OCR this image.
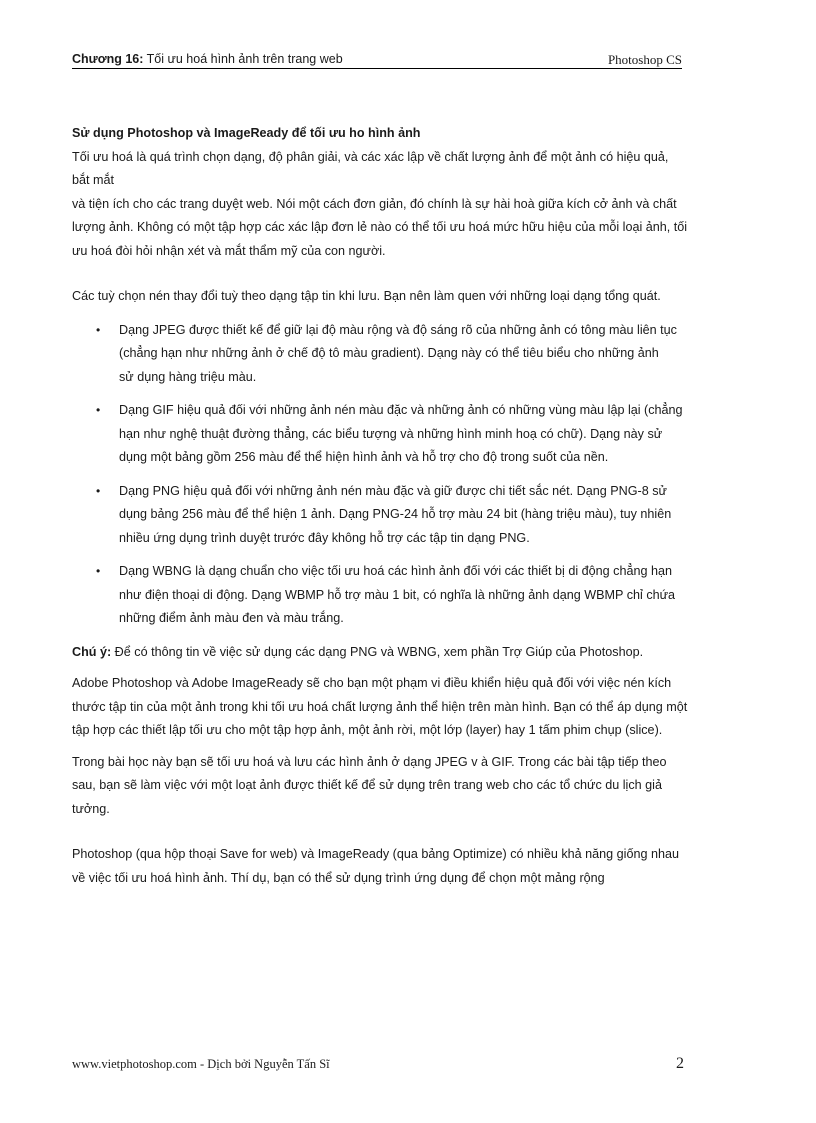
Chương 16: Tối ưu hoá hình ảnh trên trang web	Photoshop CS

Sử dụng Photoshop và ImageReady để tối ưu ho hình ảnh

Tối ưu hoá là quá trình chọn dạng, độ phân giải, và các xác lập về chất lượng ảnh để một ảnh có hiệu quả, bắt mắt

và tiện ích cho các trang duyệt web. Nói một cách đơn giản, đó chính là sự hài hoà giữa kích cở ảnh và chất lượng ảnh. Không có một tập hợp các xác lập đơn lẻ nào có thể tối ưu hoá mức hữu hiệu của mỗi loại ảnh, tối ưu hoá đòi hỏi nhận xét và mắt thẩm mỹ của con người.

Các tuỳ chọn nén thay đổi tuỳ theo dạng tập tin khi lưu. Bạn nên làm quen với những loại dạng tổng quát.

• Dạng JPEG được thiết kế để giữ lại độ màu rộng và độ sáng rõ của những ảnh có tông màu liên tục (chẳng hạn như những ảnh ở chế độ tô màu gradient). Dạng này có thể tiêu biểu cho những ảnh
sử dụng hàng triệu màu.
• Dạng GIF hiệu quả đối với những ảnh nén màu đặc và những ảnh có những vùng màu lập lại (chẳng hạn như nghệ thuật đường thẳng, các biểu tượng và những hình minh hoạ có chữ). Dạng này sử dụng một bảng gồm 256 màu để thể hiện hình ảnh và hỗ trợ cho độ trong suốt của nền.
• Dạng PNG hiệu quả đối với những ảnh nén màu đặc và giữ được chi tiết sắc nét. Dạng PNG-8 sử dụng bảng 256 màu để thể hiện 1 ảnh. Dạng PNG-24 hỗ trợ màu 24 bit (hàng triệu màu), tuy nhiên nhiều ứng dụng trình duyệt trước đây không hỗ trợ các tập tin dạng PNG.
• Dạng WBNG là dạng chuẩn cho việc tối ưu hoá các hình ảnh đối với các thiết bị di động chẳng hạn như điện thoại di động. Dạng WBMP hỗ trợ màu 1 bit, có nghĩa là những ảnh dạng WBMP chỉ chứa những điểm ảnh màu đen và màu trắng.

Chú ý: Để có thông tin về việc sử dụng các dạng PNG và WBNG, xem phần Trợ Giúp của Photoshop.

Adobe Photoshop và Adobe ImageReady sẽ cho bạn một phạm vi điều khiển hiệu quả đối với việc nén kích thước tập tin của một ảnh trong khi tối ưu hoá chất lượng ảnh thể hiện trên màn hình. Bạn có thể áp dụng một tập hợp các thiết lập tối ưu cho một tập hợp ảnh, một ảnh rời, một lớp (layer) hay 1 tấm phim chụp (slice).

Trong bài học này bạn sẽ tối ưu hoá và lưu các hình ảnh ở dạng JPEG v à GIF. Trong các bài tập tiếp theo sau, bạn sẽ làm việc với một loạt ảnh được thiết kế để sử dụng trên trang web cho các tổ chức du lịch giả tưởng.

Photoshop (qua hộp thoại Save for web) và ImageReady (qua bảng Optimize) có nhiều khả năng giống nhau về việc tối ưu hoá hình ảnh. Thí dụ, bạn có thể sử dụng trình ứng dụng để chọn một mảng rộng

www.vietphotoshop.com - Dịch bởi Nguyễn Tấn Sĩ	2
